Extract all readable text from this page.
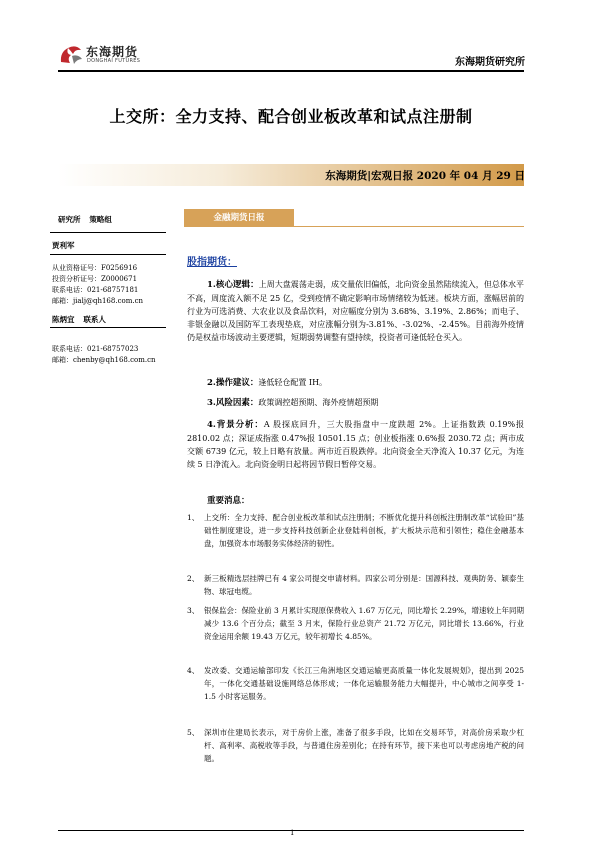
东海期货
DONGHAI FUTURES	东海期货研究所
上交所：全力支持、配合创业板改革和试点注册制
东海期货|宏观日报 2020 年 04 月 29 日
研究所 策略组
贾利军
从业资格证号：F0256916
投资分析证号：Z0000671
联系电话：021-68757181
邮箱：jialj@qh168.com.cn
陈炳宜 联系人
联系电话：021-68757023
邮箱：chenby@qh168.com.cn
金融期货日报
股指期货：
1.核心逻辑：上周大盘震荡走弱，成交量依旧偏低，北向资金虽然陆续流入，但总体水平不高，周度流入额不足 25 亿，受到疫情不确定影响市场情绪较为低迷。板块方面，涨幅居前的行业为可选消费、大农业以及食品饮料，对应幅度分别为 3.68%、3.19%、2.86%；而电子、非银金融以及国防军工表现垫底，对应涨幅分别为-3.81%、-3.02%、-2.45%。目前海外疫情仍是权益市场波动主要逻辑，短期弱势调整有望持续，投资者可逢低轻仓买入。
2.操作建议：逢低轻仓配置 IH。
3.风险因素：政策调控超预期、海外疫情超预期
4.背景分析：A 股探底回升，三大股指盘中一度跌超 2%。上证指数跌 0.19%报 2810.02 点；深证成指涨 0.47%报 10501.15 点；创业板指涨 0.6%报 2030.72 点；两市成交额 6739 亿元，较上日略有放量。两市近百股跌停。北向资金全天净流入 10.37 亿元，为连续 5 日净流入。北向资金明日起将因节假日暂停交易。
重要消息：
1、 上交所：全力支持、配合创业板改革和试点注册制；不断优化提升科创板注册制改革“试验田”基础性制度建设，进一步支持科技创新企业登陆科创板，扩大板块示范和引领性；稳住金融基本盘，加强资本市场服务实体经济的韧性。
2、 新三板精选层挂牌已有 4 家公司提交申请材料。四家公司分别是：国源科技、观典防务、颖泰生物、球冠电缆。
3、 银保监会：保险业前 3 月累计实现原保费收入 1.67 万亿元，同比增长 2.29%，增速较上年同期减少 13.6 个百分点；截至 3 月末，保险行业总资产 21.72 万亿元，同比增长 13.66%，行业资金运用余额 19.43 万亿元，较年初增长 4.85%。
4、 发改委、交通运输部印发《长江三角洲地区交通运输更高质量一体化发展规划》，提出到 2025 年，一体化交通基础设施网络总体形成；一体化运输服务能力大幅提升，中心城市之间享受 1-1.5 小时客运服务。
5、 深圳市住建局长表示，对于房价上涨，准备了很多手段，比如在交易环节，对高价房采取少杠杆、高利率、高税收等手段，与普通住房差别化；在持有环节，接下来也可以考虑房地产税的问题。
1
